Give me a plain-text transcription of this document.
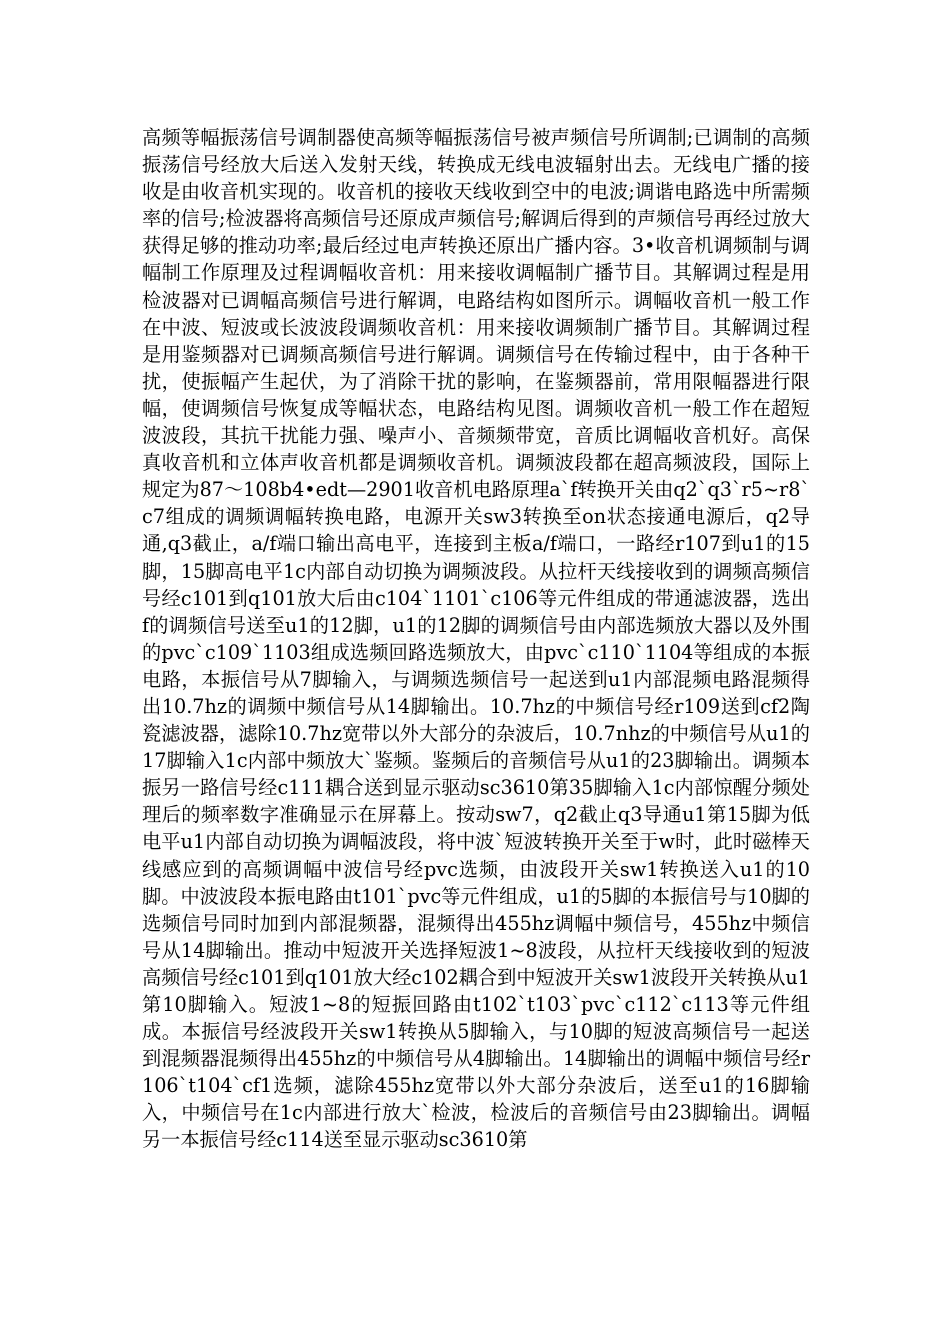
高频等幅振荡信号调制器使高频等幅振荡信号被声频信号所调制;已调制的高频振荡信号经放大后送入发射天线，转换成无线电波辐射出去。无线电广播的接收是由收音机实现的。收音机的接收天线收到空中的电波;调谐电路选中所需频率的信号;检波器将高频信号还原成声频信号;解调后得到的声频信号再经过放大获得足够的推动功率;最后经过电声转换还原出广播内容。3•收音机调频制与调幅制工作原理及过程调幅收音机：用来接收调幅制广播节目。其解调过程是用检波器对已调幅高频信号进行解调，电路结构如图所示。调幅收音机一般工作在中波、短波或长波波段调频收音机：用来接收调频制广播节目。其解调过程是用鉴频器对已调频高频信号进行解调。调频信号在传输过程中，由于各种干扰，使振幅产生起伏，为了消除干扰的影响，在鉴频器前，常用限幅器进行限幅，使调频信号恢复成等幅状态，电路结构见图。调频收音机一般工作在超短波波段，其抗干扰能力强、噪声小、音频频带宽，音质比调幅收音机好。高保真收音机和立体声收音机都是调频收音机。调频波段都在超高频波段，国际上规定为87～108b4•edt—2901收音机电路原理a`f转换开关由q2`q3`r5~r8`c7组成的调频调幅转换电路，电源开关sw3转换至on状态接通电源后，q2导通,q3截止，a/f端口输出高电平，连接到主板a/f端口，一路经r107到u1的15脚，15脚高电平1c内部自动切换为调频波段。从拉杆天线接收到的调频高频信号经c101到q101放大后由c104`1101`c106等元件组成的带通滤波器，选出f的调频信号送至u1的12脚，u1的12脚的调频信号由内部选频放大器以及外围的pvc`c109`1103组成选频回路选频放大，由pvc`c110`1104等组成的本振电路，本振信号从7脚输入，与调频选频信号一起送到u1内部混频电路混频得出10.7hz的调频中频信号从14脚输出。10.7hz的中频信号经r109送到cf2陶瓷滤波器，滤除10.7hz宽带以外大部分的杂波后，10.7nhz的中频信号从u1的17脚输入1c内部中频放大`鉴频。鉴频后的音频信号从u1的23脚输出。调频本振另一路信号经c111耦合送到显示驱动sc3610第35脚输入1c内部惊醒分频处理后的频率数字准确显示在屏幕上。按动sw7，q2截止q3导通u1第15脚为低电平u1内部自动切换为调幅波段，将中波`短波转换开关至于w时，此时磁棒天线感应到的高频调幅中波信号经pvc选频，由波段开关sw1转换送入u1的10脚。中波波段本振电路由t101`pvc等元件组成，u1的5脚的本振信号与10脚的选频信号同时加到内部混频器，混频得出455hz调幅中频信号，455hz中频信号从14脚输出。推动中短波开关选择短波1~8波段，从拉杆天线接收到的短波高频信号经c101到q101放大经c102耦合到中短波开关sw1波段开关转换从u1第10脚输入。短波1~8的短振回路由t102`t103`pvc`c112`c113等元件组成。本振信号经波段开关sw1转换从5脚输入，与10脚的短波高频信号一起送到混频器混频得出455hz的中频信号从4脚输出。14脚输出的调幅中频信号经r106`t104`cf1选频，滤除455hz宽带以外大部分杂波后，送至u1的16脚输入，中频信号在1c内部进行放大`检波，检波后的音频信号由23脚输出。调幅另一本振信号经c114送至显示驱动sc3610第
